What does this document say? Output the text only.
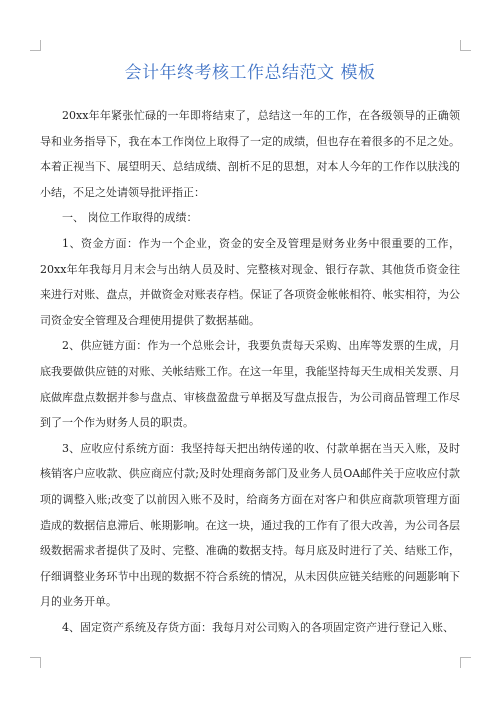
会计年终考核工作总结范文 模板

20xx年年紧张忙碌的一年即将结束了，总结这一年的工作，在各级领导的正确领导和业务指导下，我在本工作岗位上取得了一定的成绩，但也存在着很多的不足之处。本着正视当下、展望明天、总结成绩、剖析不足的思想，对本人今年的工作作以肤浅的小结，不足之处请领导批评指正：

一、 岗位工作取得的成绩：

1、资金方面：作为一个企业，资金的安全及管理是财务业务中很重要的工作，20xx年年我每月月末会与出纳人员及时、完整核对现金、银行存款、其他货币资金往来进行对账、盘点，并做资金对账表存档。保证了各项资金帐帐相符、帐实相符，为公司资金安全管理及合理使用提供了数据基础。

2、供应链方面：作为一个总账会计，我要负责每天采购、出库等发票的生成，月底我要做供应链的对账、关帐结账工作。在这一年里，我能坚持每天生成相关发票、月底做库盘点数据并参与盘点、审核盘盈盘亏单据及写盘点报告，为公司商品管理工作尽到了一个作为财务人员的职责。

3、应收应付系统方面：我坚持每天把出纳传递的收、付款单据在当天入账，及时核销客户应收款、供应商应付款;及时处理商务部门及业务人员OA邮件关于应收应付款项的调整入账;改变了以前因入账不及时，给商务方面在对客户和供应商款项管理方面造成的数据信息滞后、帐期影响。在这一块，通过我的工作有了很大改善，为公司各层级数据需求者提供了及时、完整、准确的数据支持。每月底及时进行了关、结账工作，仔细调整业务环节中出现的数据不符合系统的情况，从未因供应链关结账的问题影响下月的业务开单。

4、固定资产系统及存货方面：我每月对公司购入的各项固定资产进行登记入账、
